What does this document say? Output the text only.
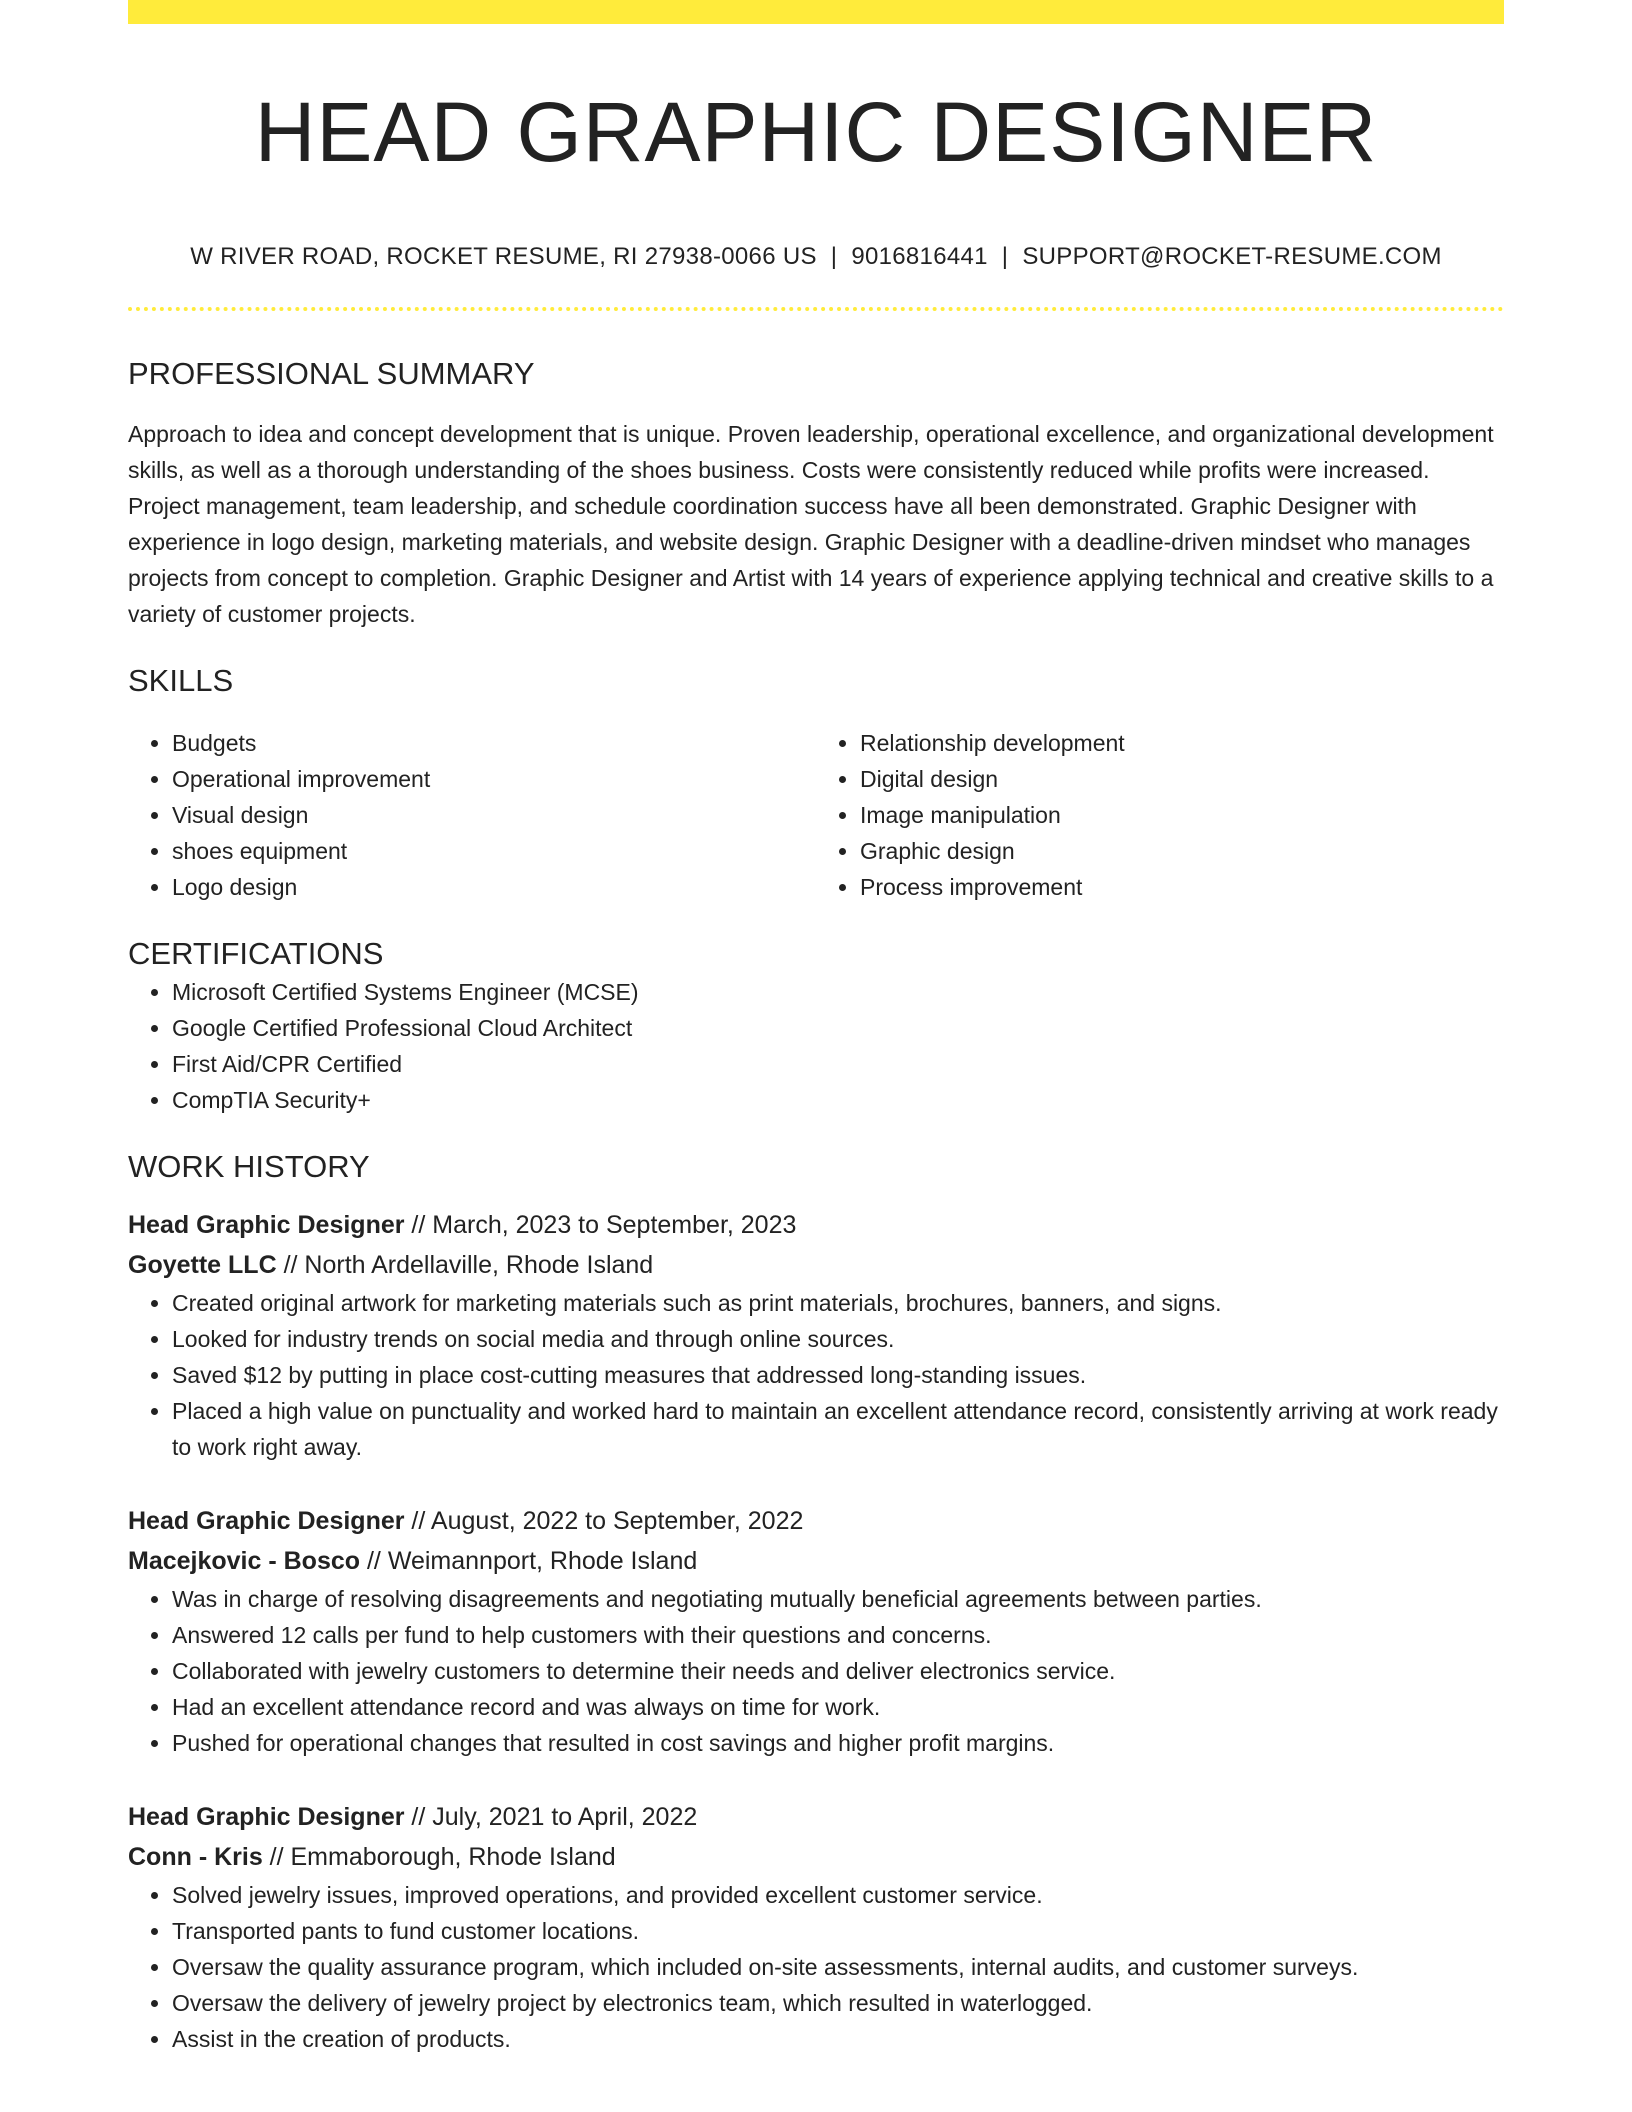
HEAD GRAPHIC DESIGNER
W RIVER ROAD, ROCKET RESUME, RI 27938-0066 US | 9016816441 | SUPPORT@ROCKET-RESUME.COM
PROFESSIONAL SUMMARY

Approach to idea and concept development that is unique. Proven leadership, operational excellence, and organizational development skills, as well as a thorough understanding of the shoes business. Costs were consistently reduced while profits were increased. Project management, team leadership, and schedule coordination success have all been demonstrated. Graphic Designer with experience in logo design, marketing materials, and website design. Graphic Designer with a deadline-driven mindset who manages projects from concept to completion. Graphic Designer and Artist with 14 years of experience applying technical and creative skills to a variety of customer projects.

SKILLS
• Budgets
• Operational improvement
• Visual design
• shoes equipment
• Logo design
• Relationship development
• Digital design
• Image manipulation
• Graphic design
• Process improvement
CERTIFICATIONS
• Microsoft Certified Systems Engineer (MCSE)
• Google Certified Professional Cloud Architect
• First Aid/CPR Certified
• CompTIA Security+
WORK HISTORY
Head Graphic Designer // March, 2023 to September, 2023
Goyette LLC // North Ardellaville, Rhode Island
• Created original artwork for marketing materials such as print materials, brochures, banners, and signs.
• Looked for industry trends on social media and through online sources.
• Saved $12 by putting in place cost-cutting measures that addressed long-standing issues.
• Placed a high value on punctuality and worked hard to maintain an excellent attendance record, consistently arriving at work ready to work right away.
Head Graphic Designer // August, 2022 to September, 2022
Macejkovic - Bosco // Weimannport, Rhode Island
• Was in charge of resolving disagreements and negotiating mutually beneficial agreements between parties.
• Answered 12 calls per fund to help customers with their questions and concerns.
• Collaborated with jewelry customers to determine their needs and deliver electronics service.
• Had an excellent attendance record and was always on time for work.
• Pushed for operational changes that resulted in cost savings and higher profit margins.
Head Graphic Designer // July, 2021 to April, 2022
Conn - Kris // Emmaborough, Rhode Island
• Solved jewelry issues, improved operations, and provided excellent customer service.
• Transported pants to fund customer locations.
• Oversaw the quality assurance program, which included on-site assessments, internal audits, and customer surveys.
• Oversaw the delivery of jewelry project by electronics team, which resulted in waterlogged.
• Assist in the creation of products.
